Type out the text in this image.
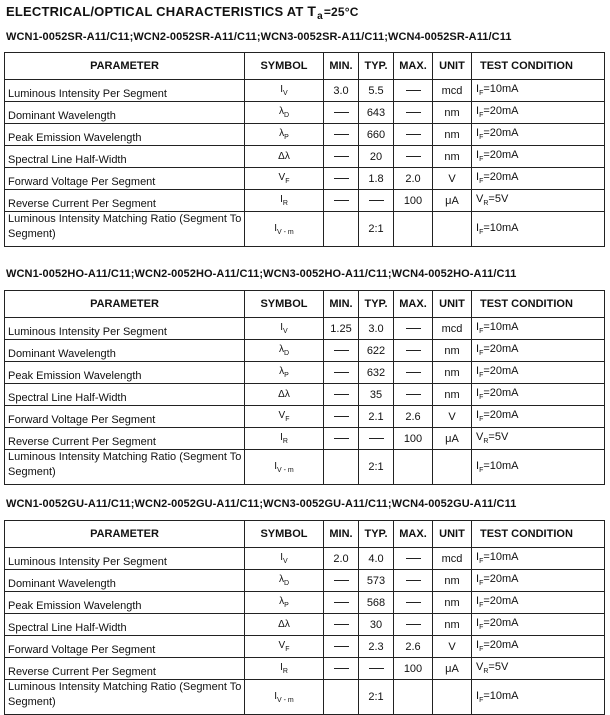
ELECTRICAL/OPTICAL CHARACTERISTICS AT $T_a=25^\circ C$
WCN1-0052SR-A11/C11;WCN2-0052SR-A11/C11;WCN3-0052SR-A11/C11;WCN4-0052SR-A11/C11
PARAMETER	SYMBOL	MIN.	TYP.	MAX.	UNIT	TEST CONDITION
Luminous Intensity Per Segment	$I_V$	3.0	5.5		mcd	$I_F=10mA$
Dominant Wavelength	$\lambda_D$		643		nm	$I_F=20mA$
Peak Emission Wavelength	$\lambda_P$		660		nm	$I_F=20mA$
Spectral Line Half-Width	Δλ		20		nm	$I_F=20mA$
Forward Voltage Per Segment	$V_F$		1.8	2.0	V	$I_F=20mA$
Reverse Current Per Segment	$I_R$			100	μA	$V_R=5V$
Luminous Intensity Matching Ratio (Segment To Segment)	$I_{V - m}$		2:1			$I_F=10mA$
WCN1-0052HO-A11/C11;WCN2-0052HO-A11/C11;WCN3-0052HO-A11/C11;WCN4-0052HO-A11/C11
PARAMETER	SYMBOL	MIN.	TYP.	MAX.	UNIT	TEST CONDITION
Luminous Intensity Per Segment	$I_V$	1.25	3.0		mcd	$I_F=10mA$
Dominant Wavelength	$\lambda_D$		622		nm	$I_F=20mA$
Peak Emission Wavelength	$\lambda_P$		632		nm	$I_F=20mA$
Spectral Line Half-Width	Δλ		35		nm	$I_F=20mA$
Forward Voltage Per Segment	$V_F$		2.1	2.6	V	$I_F=20mA$
Reverse Current Per Segment	$I_R$			100	μA	$V_R=5V$
Luminous Intensity Matching Ratio (Segment To Segment)	$I_{V - m}$		2:1			$I_F=10mA$
WCN1-0052GU-A11/C11;WCN2-0052GU-A11/C11;WCN3-0052GU-A11/C11;WCN4-0052GU-A11/C11
PARAMETER	SYMBOL	MIN.	TYP.	MAX.	UNIT	TEST CONDITION
Luminous Intensity Per Segment	$I_V$	2.0	4.0		mcd	$I_F=10mA$
Dominant Wavelength	$\lambda_D$		573		nm	$I_F=20mA$
Peak Emission Wavelength	$\lambda_P$		568		nm	$I_F=20mA$
Spectral Line Half-Width	Δλ		30		nm	$I_F=20mA$
Forward Voltage Per Segment	$V_F$		2.3	2.6	V	$I_F=20mA$
Reverse Current Per Segment	$I_R$			100	μA	$V_R=5V$
Luminous Intensity Matching Ratio (Segment To Segment)	$I_{V - m}$		2:1			$I_F=10mA$
